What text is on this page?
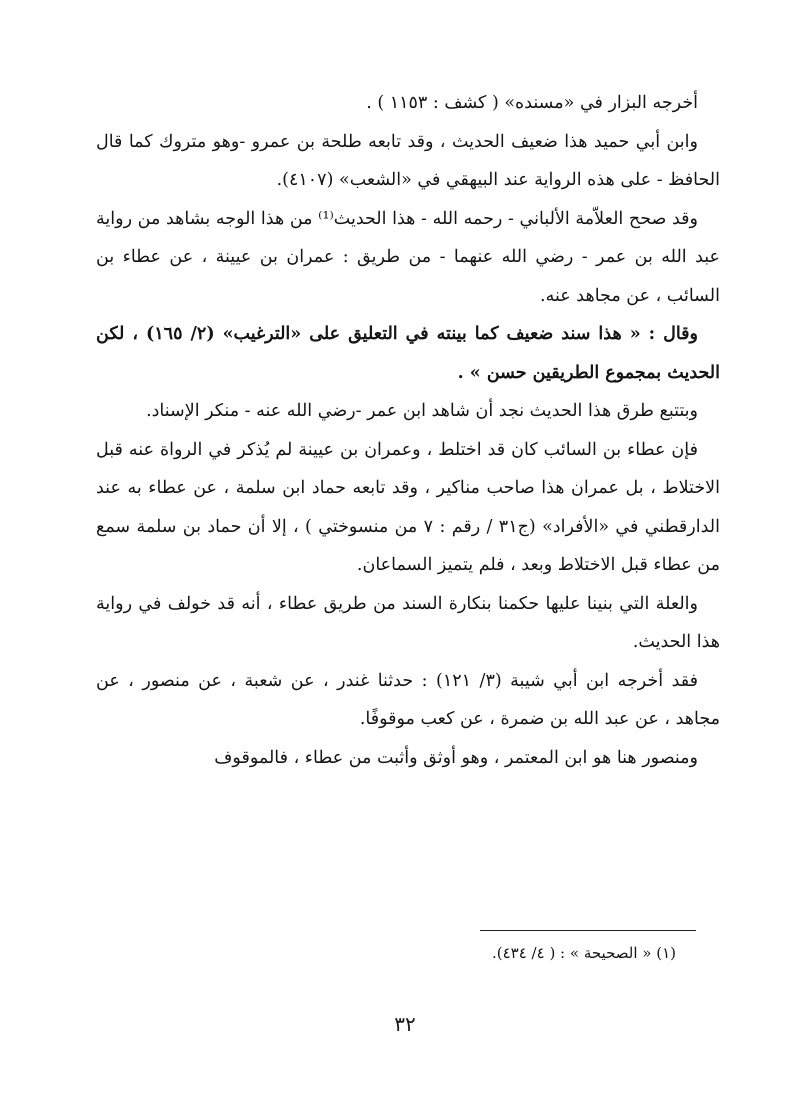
أخرجه البزار في «مسنده» ( كشف : ١١٥٣ ) .

وابن أبي حميد هذا ضعيف الحديث ، وقد تابعه طلحة بن عمرو -وهو متروك كما قال الحافظ - على هذه الرواية عند البيهقي في «الشعب» (٤١٠٧).

وقد صحح العلاّمة الألباني - رحمه الله - هذا الحديث⁽¹⁾ من هذا الوجه بشاهد من رواية عبد الله بن عمر - رضي الله عنهما - من طريق : عمران بن عيينة ، عن عطاء بن السائب ، عن مجاهد عنه.

وقال : « هذا سند ضعيف كما بينته في التعليق على «الترغيب» (٢/ ١٦٥) ، لكن الحديث بمجموع الطريقين حسن » .

وبتتبع طرق هذا الحديث نجد أن شاهد ابن عمر -رضي الله عنه - منكر الإسناد.

فإن عطاء بن السائب كان قد اختلط ، وعمران بن عيينة لم يُذكر في الرواة عنه قبل الاختلاط ، بل عمران هذا صاحب مناكير ، وقد تابعه حماد ابن سلمة ، عن عطاء به عند الدارقطني في «الأفراد» (ج٣١ / رقم : ٧ من منسوختي ) ، إلا أن حماد بن سلمة سمع من عطاء قبل الاختلاط وبعد ، فلم يتميز السماعان.

والعلة التي بنينا عليها حكمنا بنكارة السند من طريق عطاء ، أنه قد خولف في رواية هذا الحديث.

فقد أخرجه ابن أبي شيبة (٣/ ١٢١) : حدثنا غندر ، عن شعبة ، عن منصور ، عن مجاهد ، عن عبد الله بن ضمرة ، عن كعب موقوفًا.

ومنصور هنا هو ابن المعتمر ، وهو أوثق وأثبت من عطاء ، فالموقوف

(١) « الصحيحة » : ( ٤/ ٤٣٤).

٣٢
